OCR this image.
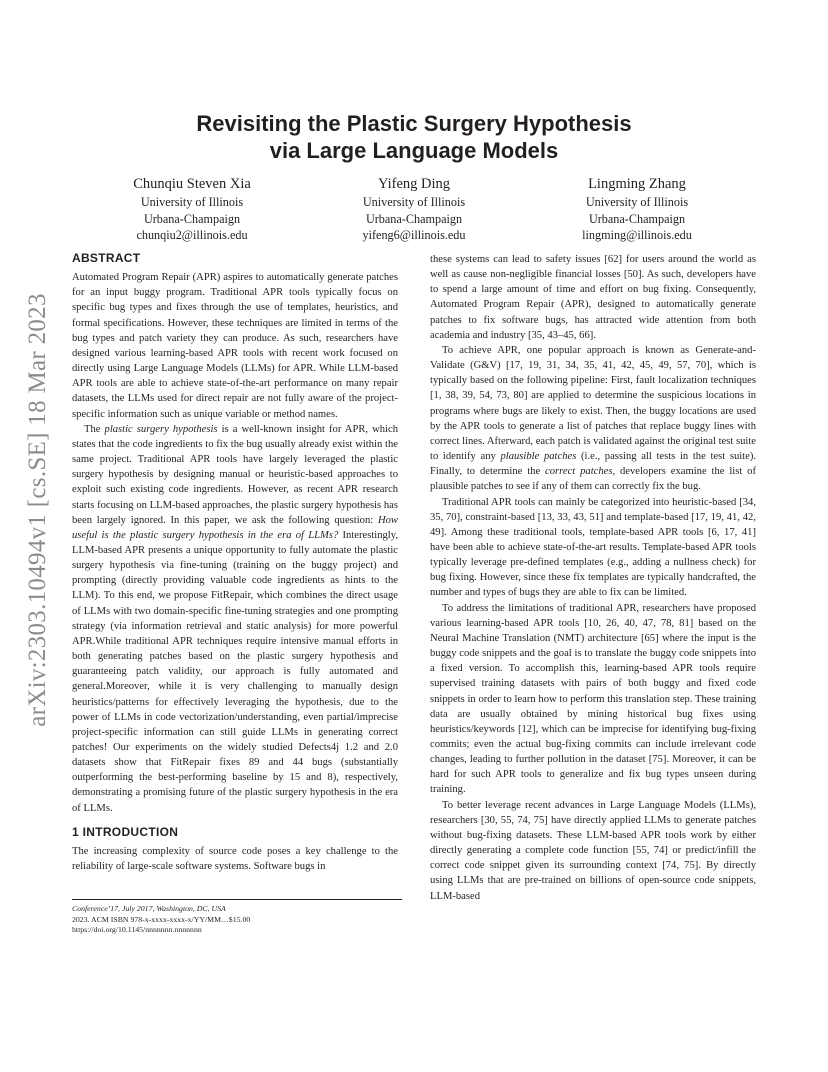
arXiv:2303.10494v1 [cs.SE] 18 Mar 2023
Revisiting the Plastic Surgery Hypothesis
via Large Language Models
Chunqiu Steven Xia
University of Illinois
Urbana-Champaign
chunqiu2@illinois.edu
Yifeng Ding
University of Illinois
Urbana-Champaign
yifeng6@illinois.edu
Lingming Zhang
University of Illinois
Urbana-Champaign
lingming@illinois.edu
ABSTRACT

Automated Program Repair (APR) aspires to automatically generate patches for an input buggy program. Traditional APR tools typically focus on specific bug types and fixes through the use of templates, heuristics, and formal specifications. However, these techniques are limited in terms of the bug types and patch variety they can produce. As such, researchers have designed various learning-based APR tools with recent work focused on directly using Large Language Models (LLMs) for APR. While LLM-based APR tools are able to achieve state-of-the-art performance on many repair datasets, the LLMs used for direct repair are not fully aware of the project-specific information such as unique variable or method names.

The plastic surgery hypothesis is a well-known insight for APR, which states that the code ingredients to fix the bug usually already exist within the same project. Traditional APR tools have largely leveraged the plastic surgery hypothesis by designing manual or heuristic-based approaches to exploit such existing code ingredients. However, as recent APR research starts focusing on LLM-based approaches, the plastic surgery hypothesis has been largely ignored. In this paper, we ask the following question: How useful is the plastic surgery hypothesis in the era of LLMs? Interestingly, LLM-based APR presents a unique opportunity to fully automate the plastic surgery hypothesis via fine-tuning (training on the buggy project) and prompting (directly providing valuable code ingredients as hints to the LLM). To this end, we propose FitRepair, which combines the direct usage of LLMs with two domain-specific fine-tuning strategies and one prompting strategy (via information retrieval and static analysis) for more powerful APR.While traditional APR techniques require intensive manual efforts in both generating patches based on the plastic surgery hypothesis and guaranteeing patch validity, our approach is fully automated and general.Moreover, while it is very challenging to manually design heuristics/patterns for effectively leveraging the hypothesis, due to the power of LLMs in code vectorization/understanding, even partial/imprecise project-specific information can still guide LLMs in generating correct patches! Our experiments on the widely studied Defects4j 1.2 and 2.0 datasets show that FitRepair fixes 89 and 44 bugs (substantially outperforming the best-performing baseline by 15 and 8), respectively, demonstrating a promising future of the plastic surgery hypothesis in the era of LLMs.

1 INTRODUCTION

The increasing complexity of source code poses a key challenge to the reliability of large-scale software systems. Software bugs in

Conference’17, July 2017, Washington, DC, USA
2023. ACM ISBN 978-x-xxxx-xxxx-x/YY/MM…$15.00
https://doi.org/10.1145/nnnnnnn.nnnnnnn

these systems can lead to safety issues [62] for users around the world as well as cause non-negligible financial losses [50]. As such, developers have to spend a large amount of time and effort on bug fixing. Consequently, Automated Program Repair (APR), designed to automatically generate patches to fix software bugs, has attracted wide attention from both academia and industry [35, 43–45, 66].

To achieve APR, one popular approach is known as Generate-and-Validate (G&V) [17, 19, 31, 34, 35, 41, 42, 45, 49, 57, 70], which is typically based on the following pipeline: First, fault localization techniques [1, 38, 39, 54, 73, 80] are applied to determine the suspicious locations in programs where bugs are likely to exist. Then, the buggy locations are used by the APR tools to generate a list of patches that replace buggy lines with correct lines. Afterward, each patch is validated against the original test suite to identify any plausible patches (i.e., passing all tests in the test suite). Finally, to determine the correct patches, developers examine the list of plausible patches to see if any of them can correctly fix the bug.

Traditional APR tools can mainly be categorized into heuristic-based [34, 35, 70], constraint-based [13, 33, 43, 51] and template-based [17, 19, 41, 42, 49]. Among these traditional tools, template-based APR tools [6, 17, 41] have been able to achieve state-of-the-art results. Template-based APR tools typically leverage pre-defined templates (e.g., adding a nullness check) for bug fixing. However, since these fix templates are typically handcrafted, the number and types of bugs they are able to fix can be limited.

To address the limitations of traditional APR, researchers have proposed various learning-based APR tools [10, 26, 40, 47, 78, 81] based on the Neural Machine Translation (NMT) architecture [65] where the input is the buggy code snippets and the goal is to translate the buggy code snippets into a fixed version. To accomplish this, learning-based APR tools require supervised training datasets with pairs of both buggy and fixed code snippets in order to learn how to perform this translation step. These training data are usually obtained by mining historical bug fixes using heuristics/keywords [12], which can be imprecise for identifying bug-fixing commits; even the actual bug-fixing commits can include irrelevant code changes, leading to further pollution in the dataset [75]. Moreover, it can be hard for such APR tools to generalize and fix bug types unseen during training.

To better leverage recent advances in Large Language Models (LLMs), researchers [30, 55, 74, 75] have directly applied LLMs to generate patches without bug-fixing datasets. These LLM-based APR tools work by either directly generating a complete code function [55, 74] or predict/infill the correct code snippet given its surrounding context [74, 75]. By directly using LLMs that are pre-trained on billions of open-source code snippets, LLM-based
